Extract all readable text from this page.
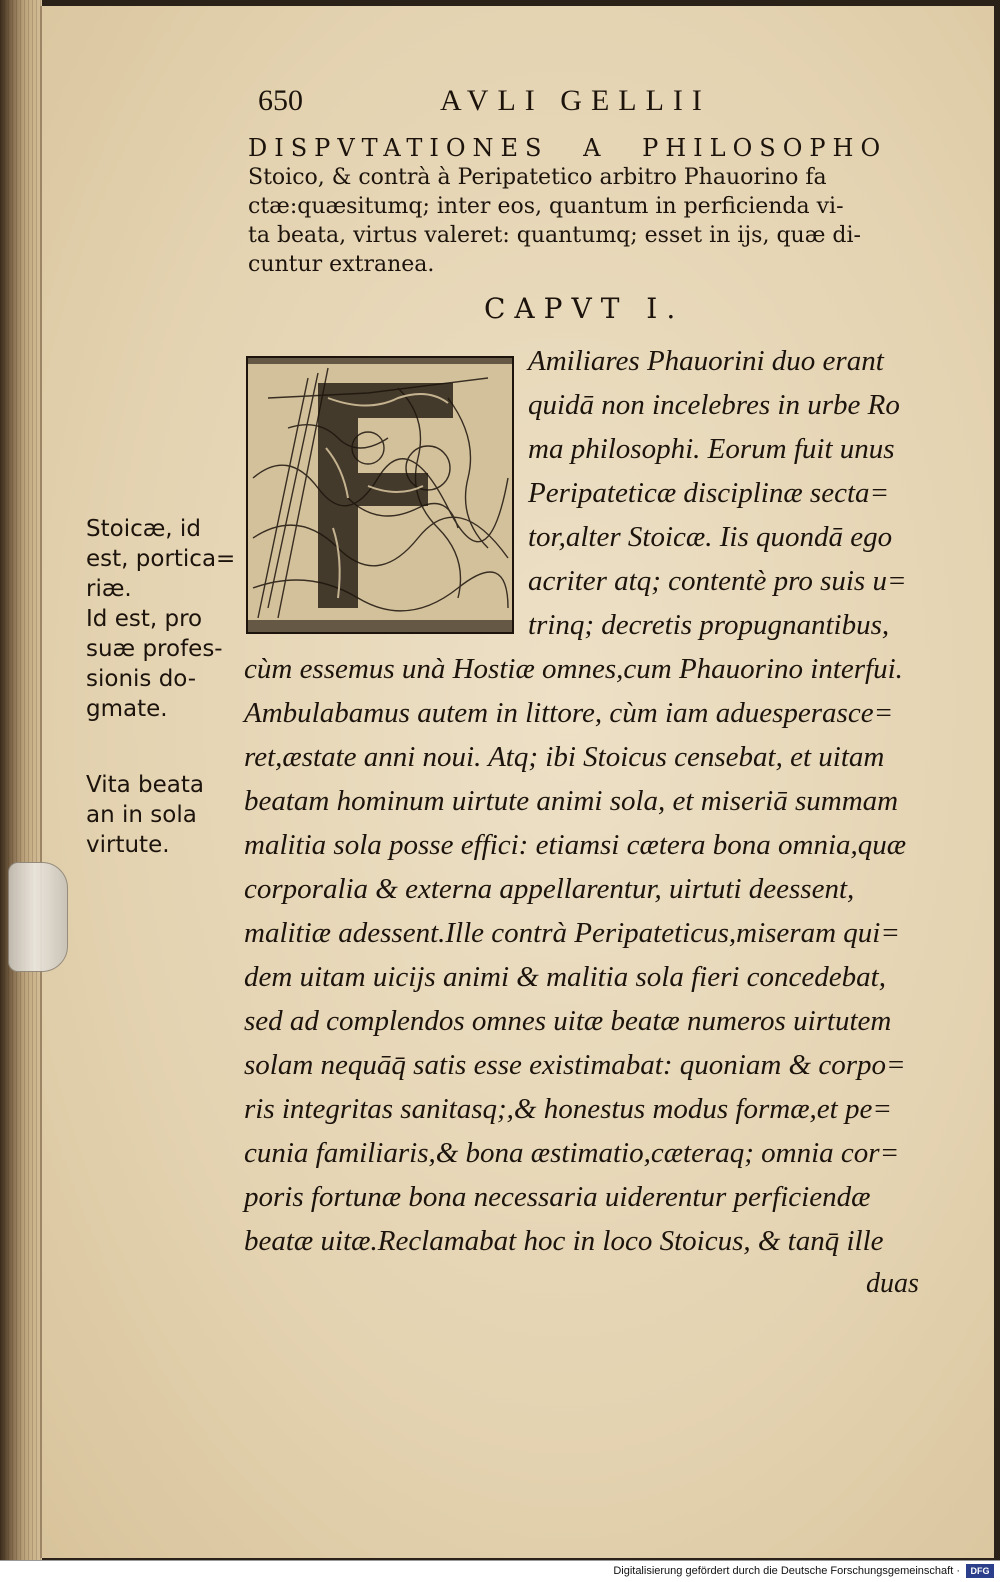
650	AVLI GELLII
DISPVTATIONES A PHILOSOPHO
Stoico, & contrà à Peripatetico arbitro Phauorino fa
ctæ:quæsitumq; inter eos, quantum in perficienda vi-
ta beata, virtus valeret: quantumq; esset in ijs, quæ di-
cuntur extranea.
CAPVT I.
Amiliares Phauorini duo erant
quidā non incelebres in urbe Ro
ma philosophi. Eorum fuit unus
Peripateticæ disciplinæ secta=
tor,alter Stoicæ. Iis quondā ego
acriter atq; contentè pro suis u=
trinq; decretis propugnantibus,
cùm essemus unà Hostiæ omnes,cum Phauorino interfui.
Ambulabamus autem in littore, cùm iam aduesperasce=
ret,æstate anni noui. Atq; ibi Stoicus censebat, et uitam
beatam hominum uirtute animi sola, et miseriā summam
malitia sola posse effici: etiamsi cætera bona omnia,quæ
corporalia & externa appellarentur, uirtuti deessent,
malitiæ adessent.Ille contrà Peripateticus,miseram qui=
dem uitam uicijs animi & malitia sola fieri concedebat,
sed ad complendos omnes uitæ beatæ numeros uirtutem
solam nequāq̄ satis esse existimabat: quoniam & corpo=
ris integritas sanitasq;,& honestus modus formæ,et pe=
cunia familiaris,& bona æstimatio,cæteraq; omnia cor=
poris fortunæ bona necessaria uiderentur perficiendæ
beatæ uitæ.Reclamabat hoc in loco Stoicus, & tanq̄ ille
duas
Stoicæ, id
est, portica=
riæ.
Id est, pro
suæ profes-
sionis do-
gmate.
Vita beata
an in sola
virtute.
Digitalisierung gefördert durch die Deutsche Forschungsgemeinschaft ·	DFG
